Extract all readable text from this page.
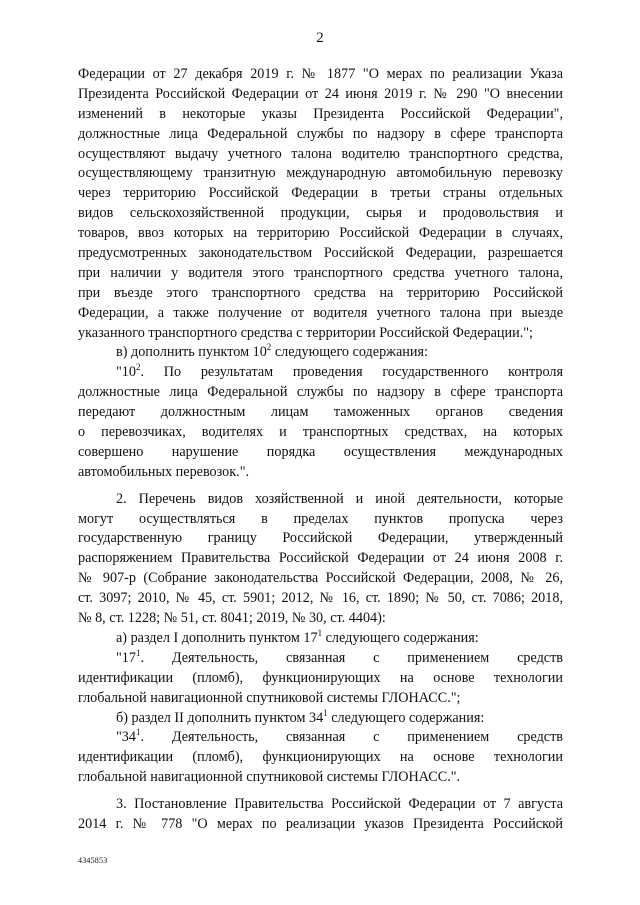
2
Федерации от 27 декабря 2019 г. № 1877 "О мерах по реализации Указа
Президента Российской Федерации от 24 июня 2019 г. № 290 "О внесении
изменений в некоторые указы Президента Российской Федерации",
должностные лица Федеральной службы по надзору в сфере транспорта
осуществляют выдачу учетного талона водителю транспортного средства,
осуществляющему транзитную международную автомобильную перевозку
через территорию Российской Федерации в третьи страны отдельных
видов сельскохозяйственной продукции, сырья и продовольствия и
товаров, ввоз которых на территорию Российской Федерации в случаях,
предусмотренных законодательством Российской Федерации, разрешается
при наличии у водителя этого транспортного средства учетного талона,
при въезде этого транспортного средства на территорию Российской
Федерации, а также получение от водителя учетного талона при выезде
указанного транспортного средства с территории Российской Федерации.";
в) дополнить пунктом $10^2$ следующего содержания:
"$10^2$. По результатам проведения государственного контроля
должностные лица Федеральной службы по надзору в сфере транспорта
передают должностным лицам таможенных органов сведения
о перевозчиках, водителях и транспортных средствах, на которых
совершено нарушение порядка осуществления международных
автомобильных перевозок.".
2. Перечень видов хозяйственной и иной деятельности, которые
могут осуществляться в пределах пунктов пропуска через
государственную границу Российской Федерации, утвержденный
распоряжением Правительства Российской Федерации от 24 июня 2008 г.
№ 907-р (Собрание законодательства Российской Федерации, 2008, № 26,
ст. 3097; 2010, № 45, ст. 5901; 2012, № 16, ст. 1890; № 50, ст. 7086; 2018,
№ 8, ст. 1228; № 51, ст. 8041; 2019, № 30, ст. 4404):
а) раздел I дополнить пунктом $17^1$ следующего содержания:
"$17^1$. Деятельность, связанная с применением средств
идентификации (пломб), функционирующих на основе технологии
глобальной навигационной спутниковой системы ГЛОНАСС.";
б) раздел II дополнить пунктом $34^1$ следующего содержания:
"$34^1$. Деятельность, связанная с применением средств
идентификации (пломб), функционирующих на основе технологии
глобальной навигационной спутниковой системы ГЛОНАСС.".
3. Постановление Правительства Российской Федерации от 7 августа
2014 г. № 778 "О мерах по реализации указов Президента Российской
4345853
